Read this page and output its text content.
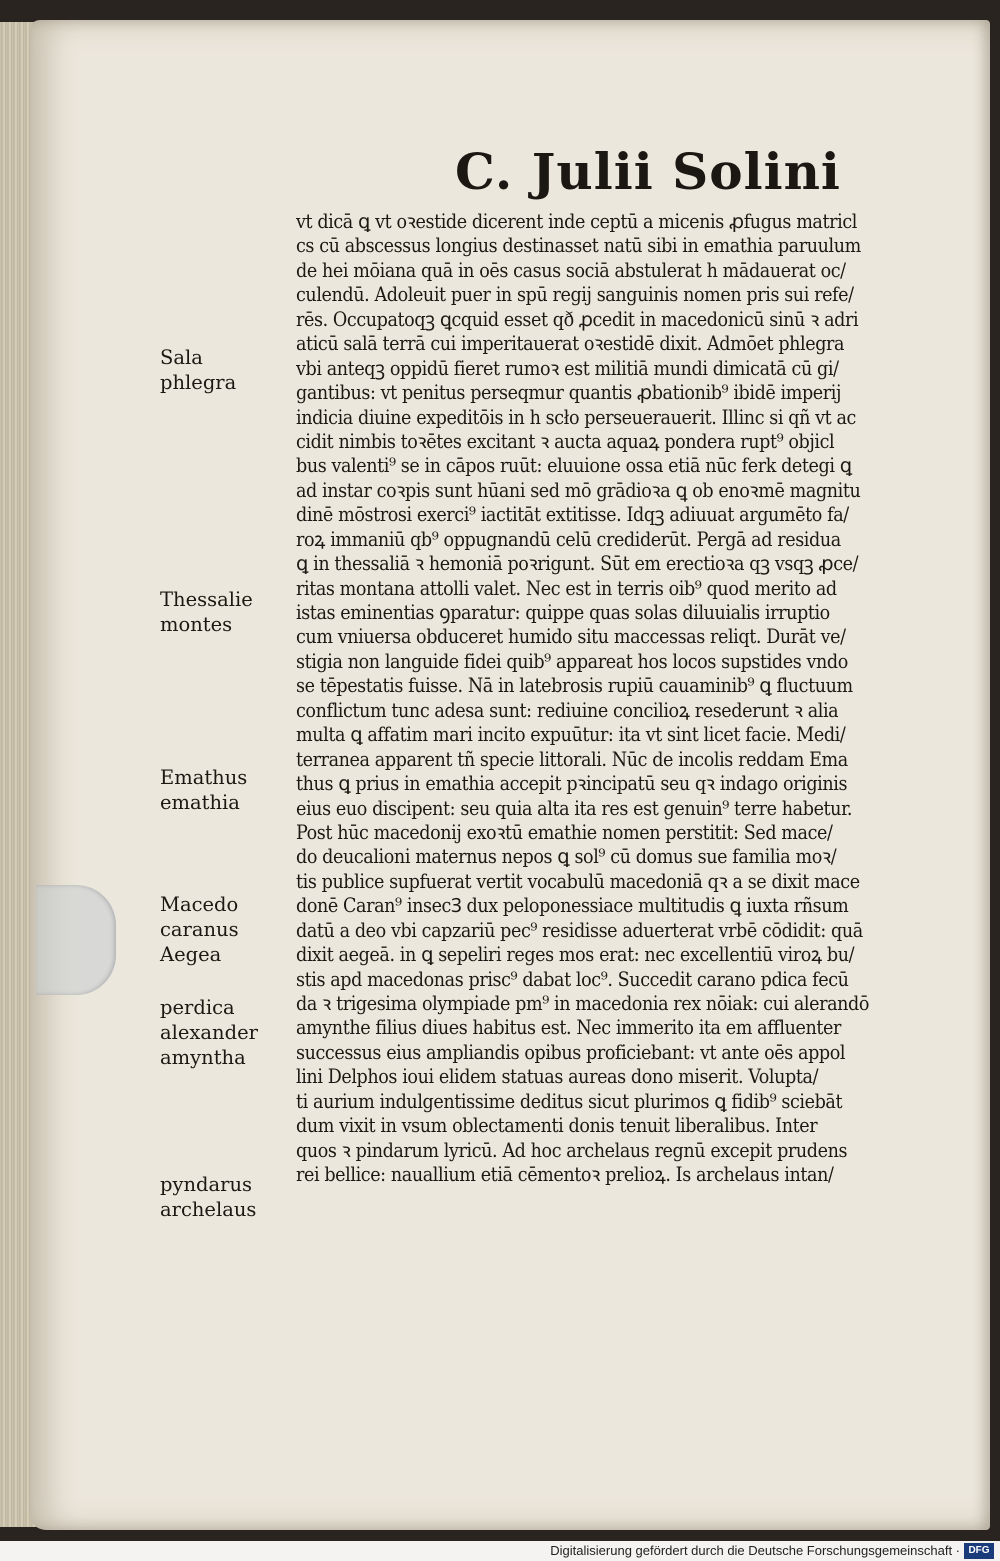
C. Julii Solini
vt dicā ꝗ vt oꝛestide dicerent inde ceptū a micenis ꝓfugus matricl
cs cū abscessus longius destinasset natū sibi in emathia paruulum
de hei mōiana quā in oēs casus sociā abstulerat h mādauerat oc/
culendū. Adoleuit puer in spū regij sanguinis nomen pris sui refe/
rēs. Occupatoqꝫ ꝗcquid esset qð ꝓcedit in macedonicū sinū ꝛ adri
aticū salā terrā cui imperitauerat oꝛestidē dixit. Admōet phlegra
vbi anteqꝫ oppidū fieret rumoꝛ est militiā mundi dimicatā cū gi/
gantibus: vt penitus perseqmur quantis ꝓbationib⁹ ibidē imperij
indicia diuine expeditōis in h scło perseuerauerit. Illinc si qñ vt ac
cidit nimbis toꝛētes excitant ꝛ aucta aquaꝝ pondera rupt⁹ objicl
bus valenti⁹ se in cāpos ruūt: eluuione ossa etiā nūc ferk detegi ꝗ
ad instar coꝛpis sunt hūani sed mō grādioꝛa ꝗ ob enoꝛmē magnitu
dinē mōstrosi exerci⁹ iactitāt extitisse. Idqꝫ adiuuat argumēto fa/
roꝝ immaniū qb⁹ oppugnandū celū crediderūt. Pergā ad residua
ꝗ in thessaliā ꝛ hemoniā poꝛrigunt. Sūt em erectioꝛa qꝫ vsqꝫ ꝓce/
ritas montana attolli valet. Nec est in terris oib⁹ quod merito ad
istas eminentias ꝯparatur: quippe quas solas diluuialis irruptio
cum vniuersa obduceret humido situ maccessas reliqt. Durāt ve/
stigia non languide fidei quib⁹ appareat hos locos supstides vndo
se tēpestatis fuisse. Nā in latebrosis rupiū cauaminib⁹ ꝗ fluctuum
conflictum tunc adesa sunt: rediuine concilioꝝ resederunt ꝛ alia
multa ꝗ affatim mari incito expuūtur: ita vt sint licet facie. Medi/
terranea apparent tñ specie littorali. Nūc de incolis reddam Ema
thus ꝗ prius in emathia accepit pꝛincipatū seu qꝛ indago originis
eius euo discipent: seu quia alta ita res est genuin⁹ terre habetur.
Post hūc macedonij exoꝛtū emathie nomen perstitit: Sed mace/
do deucalioni maternus nepos ꝗ sol⁹ cū domus sue familia moꝛ/
tis publice supfuerat vertit vocabulū macedoniā qꝛ a se dixit mace
donē Caran⁹ insecꝪ dux peloponessiace multitudis ꝗ iuxta rñsum
datū a deo vbi capzariū pec⁹ residisse aduerterat vrbē cōdidit: quā
dixit aegeā. in ꝗ sepeliri reges mos erat: nec excellentiū viroꝝ bu/
stis apd macedonas prisc⁹ dabat loc⁹. Succedit carano pdica fecū
da ꝛ trigesima olympiade pm⁹ in macedonia rex nōiak: cui alerandō
amynthe filius diues habitus est. Nec immerito ita em affluenter
successus eius ampliandis opibus proficiebant: vt ante oēs appol
lini Delphos ioui elidem statuas aureas dono miserit. Volupta/
ti aurium indulgentissime deditus sicut plurimos ꝗ fidib⁹ sciebāt
dum vixit in vsum oblectamenti donis tenuit liberalibus. Inter
quos ꝛ pindarum lyricū. Ad hoc archelaus regnū excepit prudens
rei bellice: nauallium etiā cēmentoꝛ prelioꝝ. Is archelaus intan/
Sala
phlegra
Thessalie
montes
Emathus
emathia
Macedo
caranus
Aegea
perdica
alexander
amyntha
pyndarus
archelaus
Digitalisierung gefördert durch die Deutsche Forschungsgemeinschaft · DFG
